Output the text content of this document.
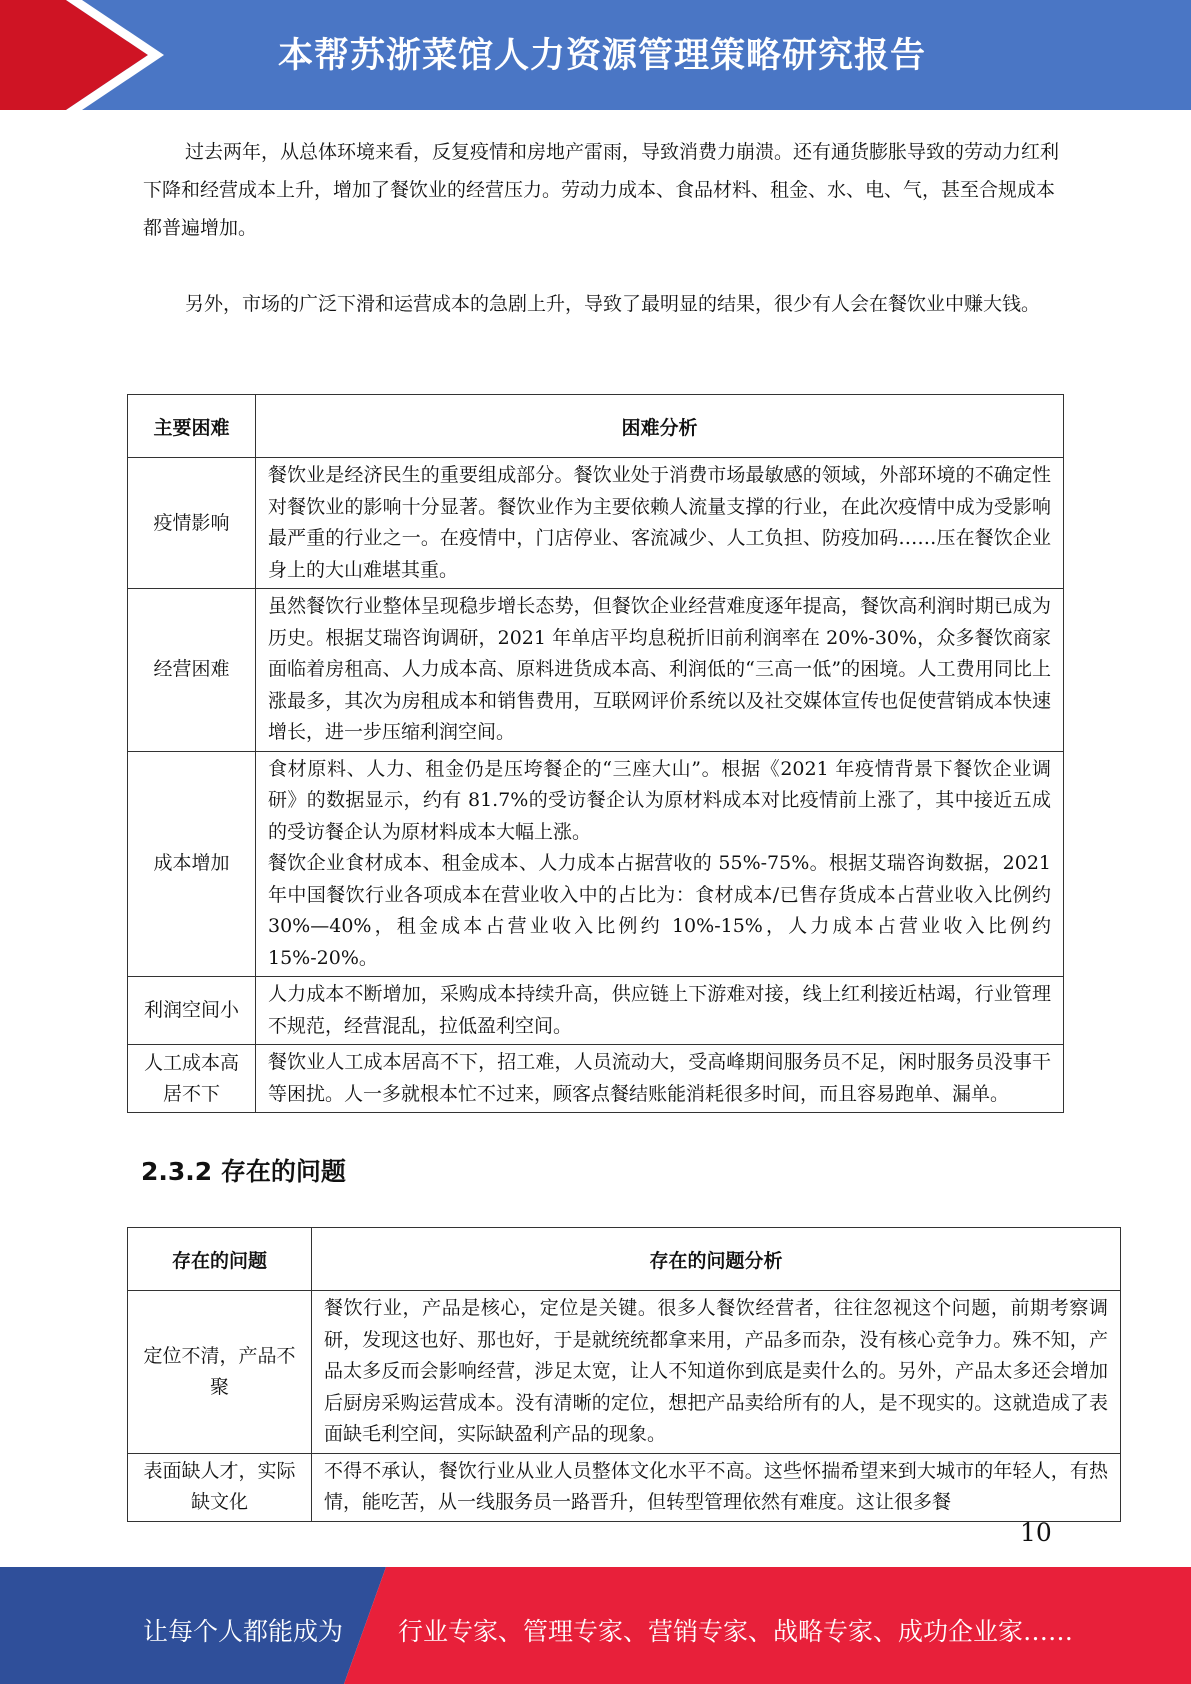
本帮苏浙菜馆人力资源管理策略研究报告

过去两年，从总体环境来看，反复疫情和房地产雷雨，导致消费力崩溃。还有通货膨胀导致的劳动力红利下降和经营成本上升，增加了餐饮业的经营压力。劳动力成本、食品材料、租金、水、电、气，甚至合规成本都普遍增加。

另外，市场的广泛下滑和运营成本的急剧上升，导致了最明显的结果，很少有人会在餐饮业中赚大钱。

主要困难	困难分析
疫情影响	餐饮业是经济民生的重要组成部分。餐饮业处于消费市场最敏感的领域，外部环境的不确定性对餐饮业的影响十分显著。餐饮业作为主要依赖人流量支撑的行业，在此次疫情中成为受影响最严重的行业之一。在疫情中，门店停业、客流减少、人工负担、防疫加码……压在餐饮企业身上的大山难堪其重。
经营困难	虽然餐饮行业整体呈现稳步增长态势，但餐饮企业经营难度逐年提高，餐饮高利润时期已成为历史。根据艾瑞咨询调研，2021 年单店平均息税折旧前利润率在 20%-30%，众多餐饮商家面临着房租高、人力成本高、原料进货成本高、利润低的“三高一低”的困境。人工费用同比上涨最多，其次为房租成本和销售费用，互联网评价系统以及社交媒体宣传也促使营销成本快速增长，进一步压缩利润空间。
成本增加	食材原料、人力、租金仍是压垮餐企的“三座大山”。根据《2021 年疫情背景下餐饮企业调研》的数据显示，约有 81.7%的受访餐企认为原材料成本对比疫情前上涨了，其中接近五成的受访餐企认为原材料成本大幅上涨。
餐饮企业食材成本、租金成本、人力成本占据营收的 55%-75%。根据艾瑞咨询数据，2021 年中国餐饮行业各项成本在营业收入中的占比为：食材成本/已售存货成本占营业收入比例约 30%—40%，租金成本占营业收入比例约 10%-15%，人力成本占营业收入比例约 15%-20%。

利润空间小	人力成本不断增加，采购成本持续升高，供应链上下游难对接，线上红利接近枯竭，行业管理不规范，经营混乱，拉低盈利空间。
人工成本高居不下	餐饮业人工成本居高不下，招工难，人员流动大，受高峰期间服务员不足，闲时服务员没事干等困扰。人一多就根本忙不过来，顾客点餐结账能消耗很多时间，而且容易跑单、漏单。
2.3.2 存在的问题
存在的问题	存在的问题分析
定位不清，产品不聚	餐饮行业，产品是核心，定位是关键。很多人餐饮经营者，往往忽视这个问题，前期考察调研，发现这也好、那也好，于是就统统都拿来用，产品多而杂，没有核心竞争力。殊不知，产品太多反而会影响经营，涉足太宽，让人不知道你到底是卖什么的。另外，产品太多还会增加后厨房采购运营成本。没有清晰的定位，想把产品卖给所有的人，是不现实的。这就造成了表面缺毛利空间，实际缺盈利产品的现象。
表面缺人才，实际缺文化	不得不承认，餐饮行业从业人员整体文化水平不高。这些怀揣希望来到大城市的年轻人，有热情，能吃苦，从一线服务员一路晋升，但转型管理依然有难度。这让很多餐
10
让每个人都能成为 行业专家、管理专家、营销专家、战略专家、成功企业家……
